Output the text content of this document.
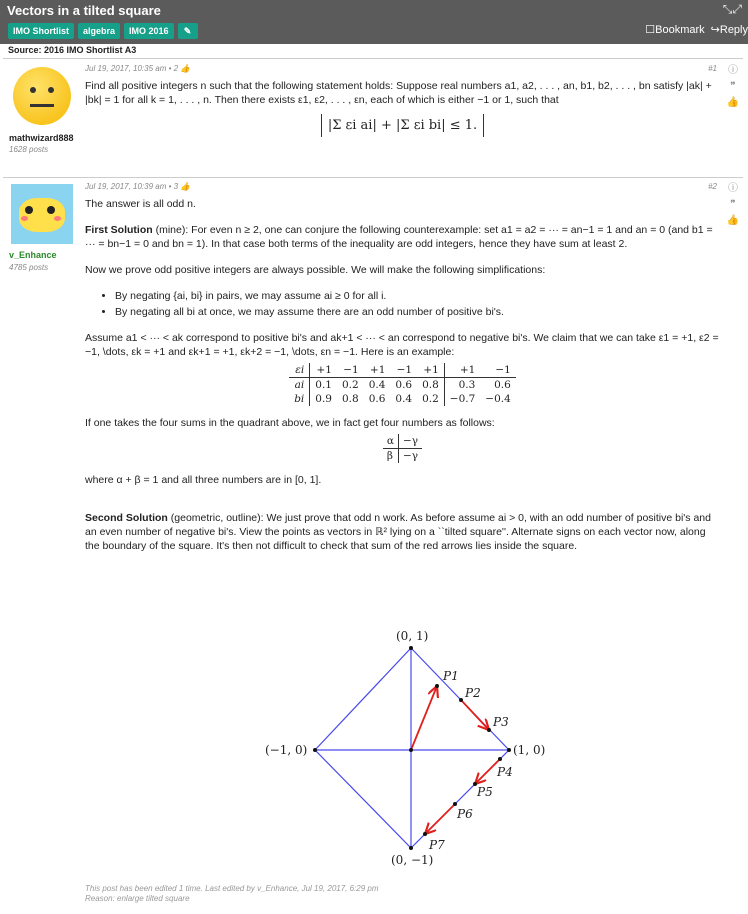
Vectors in a tilted square
IMO Shortlist	algebra	IMO 2016	✎
⤡⤢
☐Bookmark ↪Reply
Source: 2016 IMO Shortlist A3
mathwizard888
1628 posts
Jul 19, 2017, 10:35 am • 2 👍	#1	ⓘ
❞
👍

Find all positive integers n such that the following statement holds: Suppose real numbers a1, a2, . . . , an, b1, b2, . . . , bn satisfy |ak| + |bk| = 1 for all k = 1, . . . , n. Then there exists ε1, ε2, . . . , εn, each of which is either −1 or 1, such that

|Σ εi ai| + |Σ εi bi| ≤ 1.
v_Enhance
4785 posts
Jul 19, 2017, 10:39 am • 3 👍	#2	ⓘ
❞
👍

The answer is all odd n.

First Solution (mine): For even n ≥ 2, one can conjure the following counterexample: set a1 = a2 = ··· = an−1 = 1 and an = 0 (and b1 = ··· = bn−1 = 0 and bn = 1). In that case both terms of the inequality are odd integers, hence they have sum at least 2.

Now we prove odd positive integers are always possible. We will make the following simplifications:

• By negating {ai, bi} in pairs, we may assume ai ≥ 0 for all i.
• By negating all bi at once, we may assume there are an odd number of positive bi's.

Assume a1 < ··· < ak correspond to positive bi's and ak+1 < ··· < an correspond to negative bi's. We claim that we can take ε1 = +1, ε2 = −1, \dots, εk = +1 and εk+1 = +1, εk+2 = −1, \dots, εn = −1. Here is an example:

εi	+1	−1	+1	−1	+1	+1	−1
ai	0.1	0.2	0.4	0.6	0.8	0.3	0.6
bi	0.9	0.8	0.6	0.4	0.2	−0.7	−0.4

If one takes the four sums in the quadrant above, we in fact get four numbers as follows:

α	−γ
β	−γ

where α + β = 1 and all three numbers are in [0, 1].

Second Solution (geometric, outline): We just prove that odd n work. As before assume ai > 0, with an odd number of positive bi's and an even number of negative bi's. View the points as vectors in ℝ² lying on a ``tilted square''. Alternate signs on each vector now, along the boundary of the square. It's then not difficult to check that sum of the red arrows lies inside the square.

(0, 1)
(−1, 0)	(1, 0)
(0, −1)
P1
P2
P3
P4
P5
P6
P7
This post has been edited 1 time. Last edited by v_Enhance, Jul 19, 2017, 6:29 pm
Reason: enlarge tilted square
